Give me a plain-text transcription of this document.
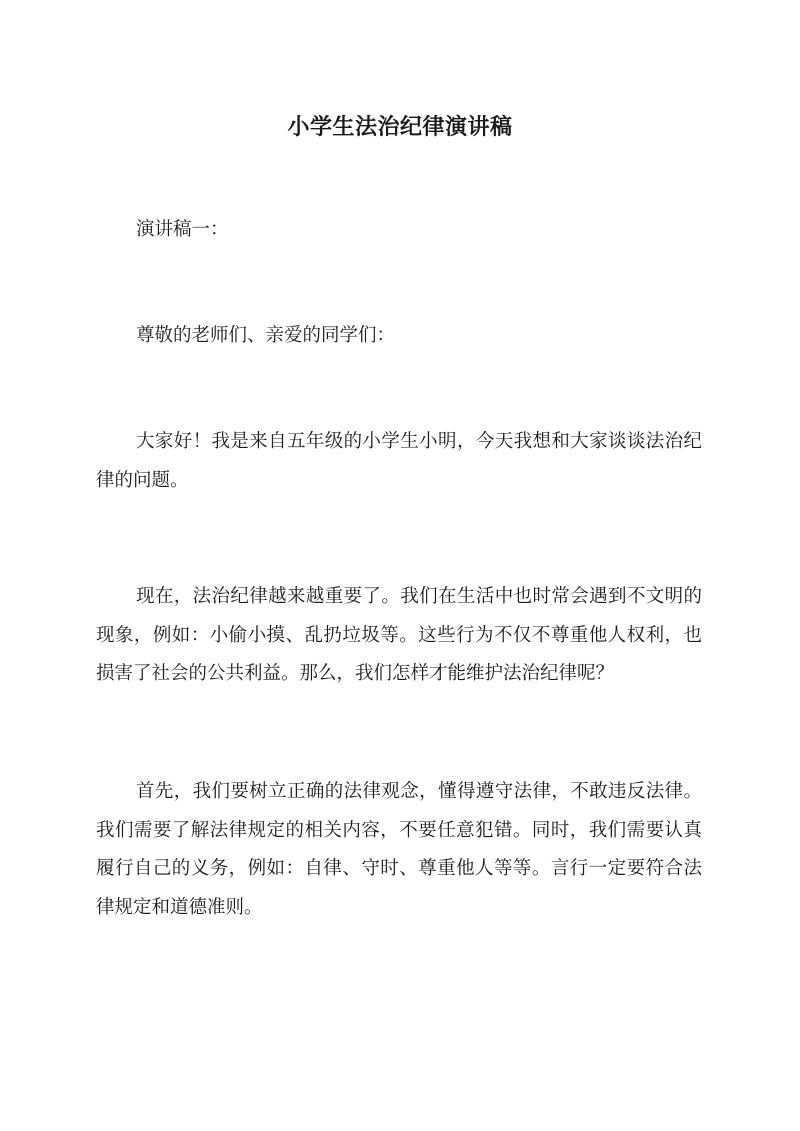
小学生法治纪律演讲稿

演讲稿一：

尊敬的老师们、亲爱的同学们：

大家好！我是来自五年级的小学生小明，今天我想和大家谈谈法治纪律的问题。

现在，法治纪律越来越重要了。我们在生活中也时常会遇到不文明的现象，例如：小偷小摸、乱扔垃圾等。这些行为不仅不尊重他人权利，也损害了社会的公共利益。那么，我们怎样才能维护法治纪律呢？

首先，我们要树立正确的法律观念，懂得遵守法律，不敢违反法律。我们需要了解法律规定的相关内容，不要任意犯错。同时，我们需要认真履行自己的义务，例如：自律、守时、尊重他人等等。言行一定要符合法律规定和道德准则。
